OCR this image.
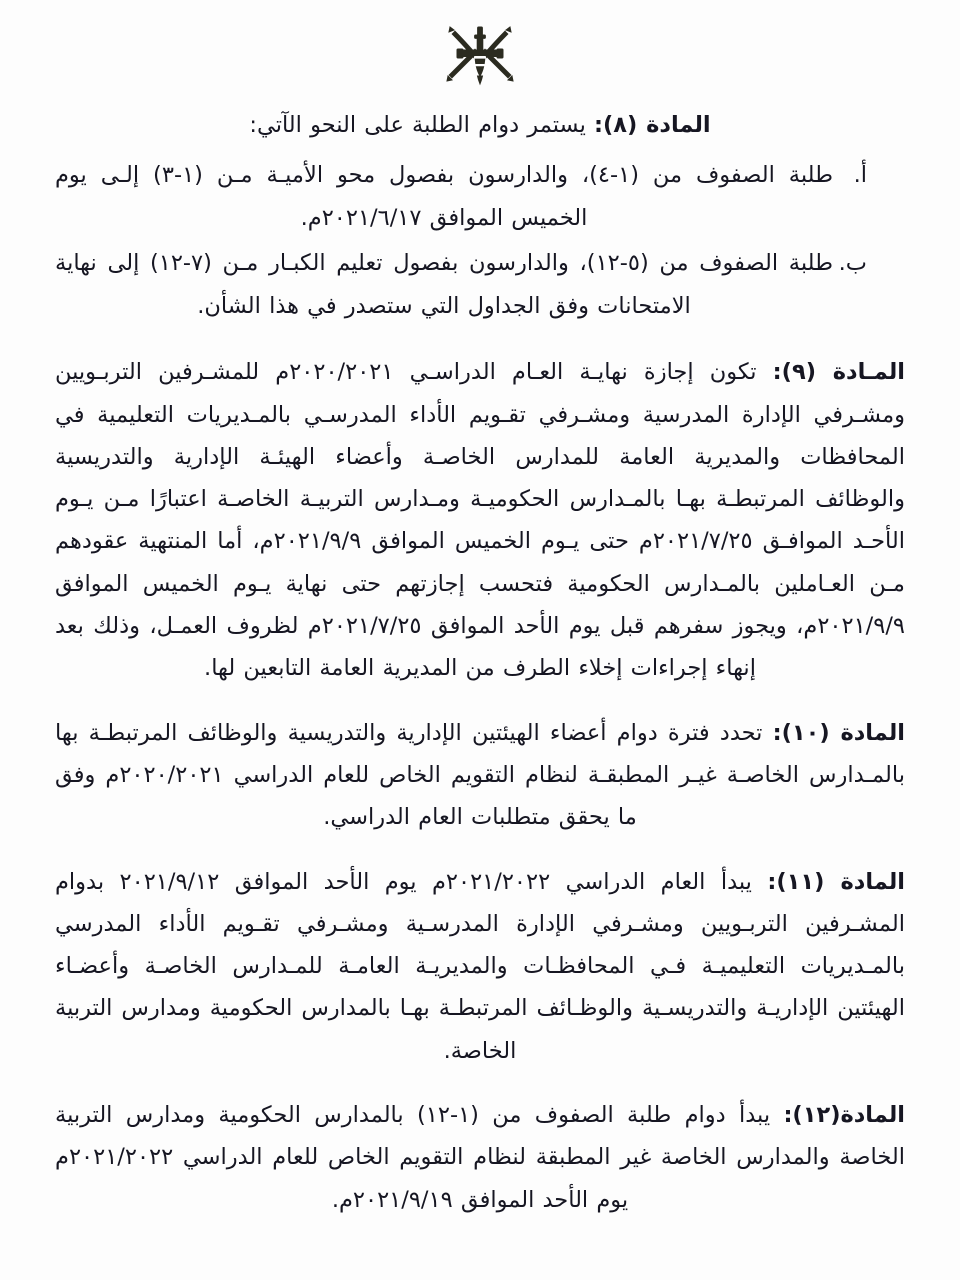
المادة (٨): يستمر دوام الطلبة على النحو الآتي:

أ.
طلبة الصفوف من (١-٤)، والدارسون بفصول محو الأميـة مـن (١-٣) إلـى يوم الخميس الموافق ٢٠٢١/٦/١٧م.
ب.
طلبة الصفوف من (٥-١٢)، والدارسون بفصول تعليم الكبـار مـن (٧-١٢) إلى نهاية الامتحانات وفق الجداول التي ستصدر في هذا الشأن.

المـادة (٩): تكون إجازة نهايـة العـام الدراسـي ٢٠٢٠/٢٠٢١م للمشـرفين التربـويين ومشـرفي الإدارة المدرسية ومشـرفي تقـويم الأداء المدرسـي بالمـديريات التعليمية في المحافظات والمديرية العامة للمدارس الخاصـة وأعضاء الهيئـة الإدارية والتدريسية والوظائف المرتبطـة بهـا بالمـدارس الحكوميـة ومـدارس التربيـة الخاصـة اعتبارًا مـن يـوم الأحـد الموافـق ٢٠٢١/٧/٢٥م حتى يـوم الخميس الموافق ٢٠٢١/٩/٩م، أما المنتهية عقودهم مـن العـاملين بالمـدارس الحكومية فتحسب إجازتهم حتى نهاية يـوم الخميس الموافق ٢٠٢١/٩/٩م، ويجوز سفرهم قبل يوم الأحد الموافق ٢٠٢١/٧/٢٥م لظروف العمـل، وذلك بعد إنهاء إجراءات إخلاء الطرف من المديرية العامة التابعين لها.

المادة (١٠): تحدد فترة دوام أعضاء الهيئتين الإدارية والتدريسية والوظائف المرتبطـة بها بالمـدارس الخاصـة غيـر المطبقـة لنظام التقويم الخاص للعام الدراسي ٢٠٢٠/٢٠٢١م وفق ما يحقق متطلبات العام الدراسي.

المادة (١١): يبدأ العام الدراسي ٢٠٢١/٢٠٢٢م يوم الأحد الموافق ٢٠٢١/٩/١٢ بدوام المشـرفين التربـويين ومشـرفي الإدارة المدرسـية ومشـرفي تقـويم الأداء المدرسي بالمـديريات التعليميـة فـي المحافظـات والمديريـة العامـة للمـدارس الخاصـة وأعضـاء الهيئتين الإداريـة والتدريسـية والوظـائف المرتبطـة بهـا بالمدارس الحكومية ومدارس التربية الخاصة.

المادة(١٢): يبدأ دوام طلبة الصفوف من (١-١٢) بالمدارس الحكومية ومدارس التربية الخاصة والمدارس الخاصة غير المطبقة لنظام التقويم الخاص للعام الدراسي ٢٠٢١/٢٠٢٢م يوم الأحد الموافق ٢٠٢١/٩/١٩م.
